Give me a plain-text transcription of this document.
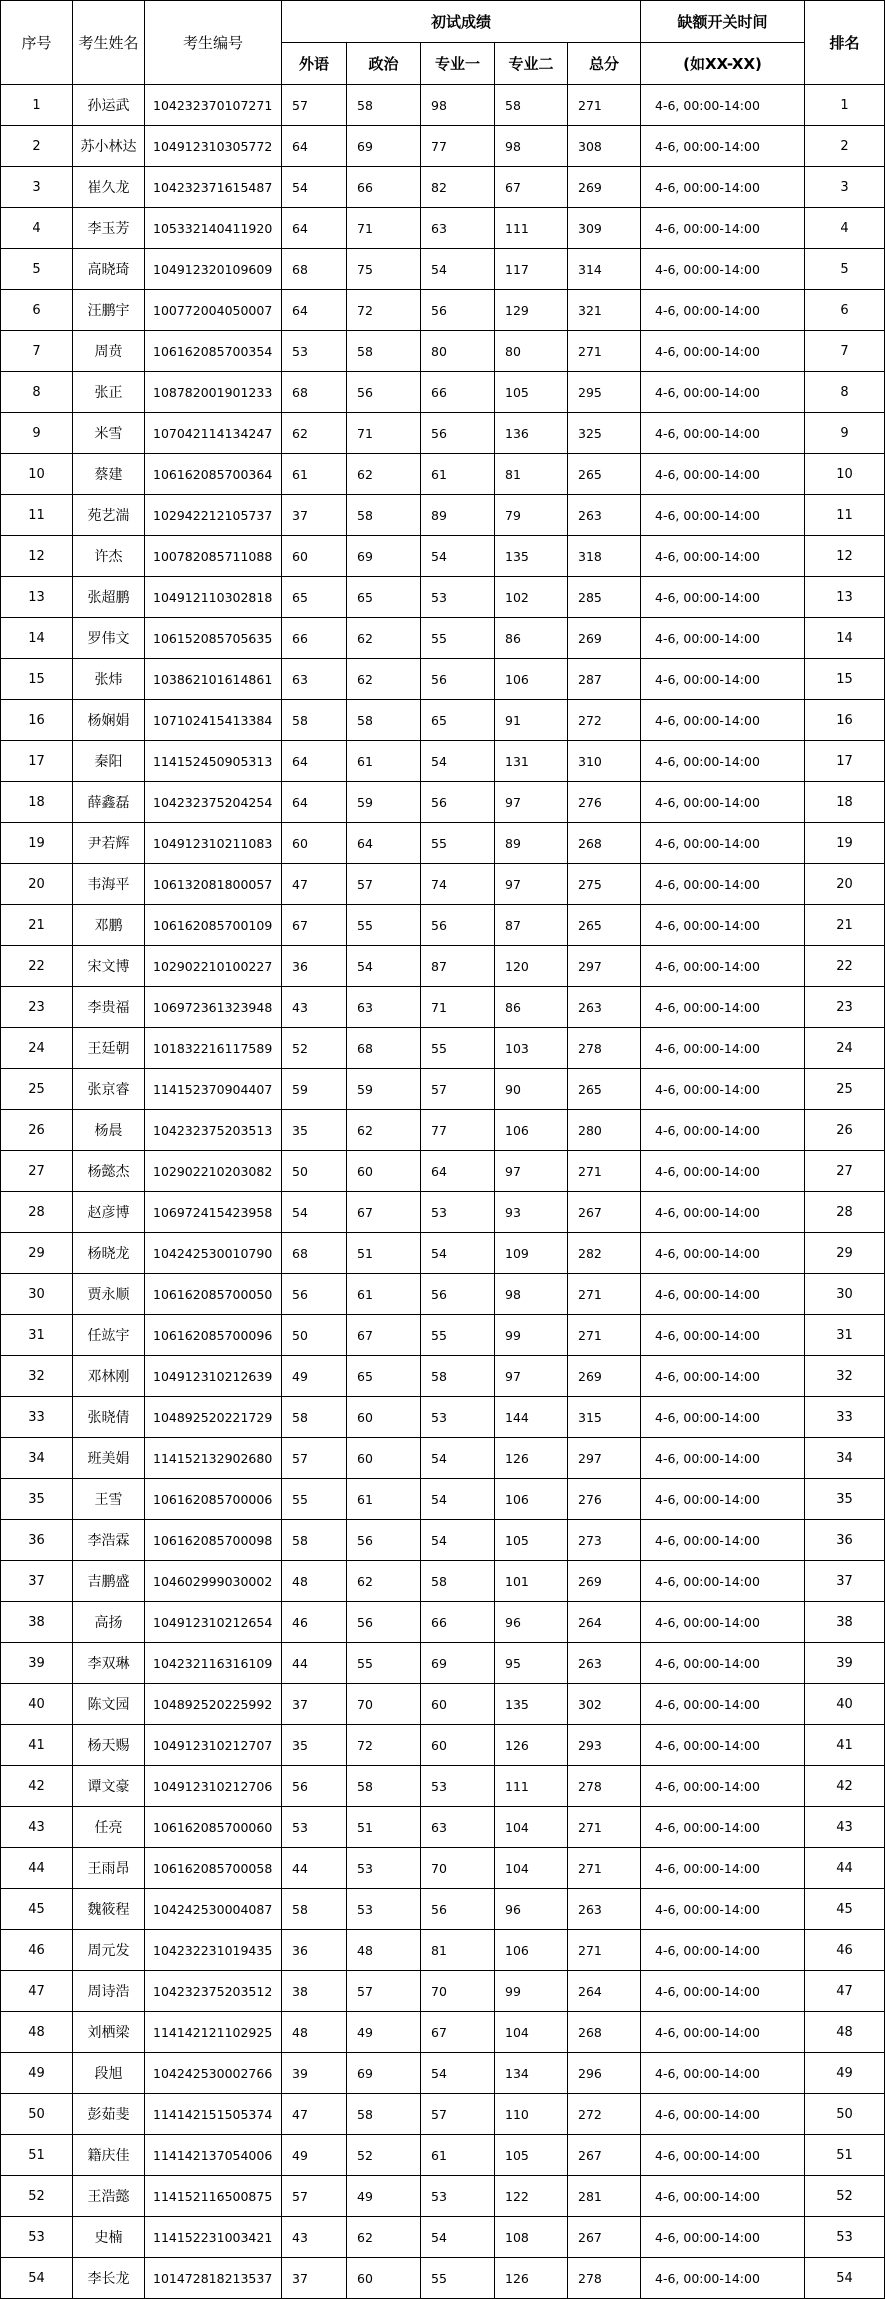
序号	考生姓名	考生编号	初试成绩					缺额开关时间	排名
			外语	政治	专业一	专业二	总分	(如XX-XX)	
1	孙运武	104232370107271	57	58	98	58	271	4-6, 00:00-14:00	1
2	苏小林达	104912310305772	64	69	77	98	308	4-6, 00:00-14:00	2
3	崔久龙	104232371615487	54	66	82	67	269	4-6, 00:00-14:00	3
4	李玉芳	105332140411920	64	71	63	111	309	4-6, 00:00-14:00	4
5	高晓琦	104912320109609	68	75	54	117	314	4-6, 00:00-14:00	5
6	汪鹏宇	100772004050007	64	72	56	129	321	4-6, 00:00-14:00	6
7	周贲	106162085700354	53	58	80	80	271	4-6, 00:00-14:00	7
8	张正	108782001901233	68	56	66	105	295	4-6, 00:00-14:00	8
9	米雪	107042114134247	62	71	56	136	325	4-6, 00:00-14:00	9
10	蔡建	106162085700364	61	62	61	81	265	4-6, 00:00-14:00	10
11	苑艺湍	102942212105737	37	58	89	79	263	4-6, 00:00-14:00	11
12	许杰	100782085711088	60	69	54	135	318	4-6, 00:00-14:00	12
13	张超鹏	104912110302818	65	65	53	102	285	4-6, 00:00-14:00	13
14	罗伟文	106152085705635	66	62	55	86	269	4-6, 00:00-14:00	14
15	张炜	103862101614861	63	62	56	106	287	4-6, 00:00-14:00	15
16	杨娴娟	107102415413384	58	58	65	91	272	4-6, 00:00-14:00	16
17	秦阳	114152450905313	64	61	54	131	310	4-6, 00:00-14:00	17
18	薛鑫磊	104232375204254	64	59	56	97	276	4-6, 00:00-14:00	18
19	尹若辉	104912310211083	60	64	55	89	268	4-6, 00:00-14:00	19
20	韦海平	106132081800057	47	57	74	97	275	4-6, 00:00-14:00	20
21	邓鹏	106162085700109	67	55	56	87	265	4-6, 00:00-14:00	21
22	宋文博	102902210100227	36	54	87	120	297	4-6, 00:00-14:00	22
23	李贵福	106972361323948	43	63	71	86	263	4-6, 00:00-14:00	23
24	王廷朝	101832216117589	52	68	55	103	278	4-6, 00:00-14:00	24
25	张京睿	114152370904407	59	59	57	90	265	4-6, 00:00-14:00	25
26	杨晨	104232375203513	35	62	77	106	280	4-6, 00:00-14:00	26
27	杨懿杰	102902210203082	50	60	64	97	271	4-6, 00:00-14:00	27
28	赵彦博	106972415423958	54	67	53	93	267	4-6, 00:00-14:00	28
29	杨晓龙	104242530010790	68	51	54	109	282	4-6, 00:00-14:00	29
30	贾永顺	106162085700050	56	61	56	98	271	4-6, 00:00-14:00	30
31	任竑宇	106162085700096	50	67	55	99	271	4-6, 00:00-14:00	31
32	邓林刚	104912310212639	49	65	58	97	269	4-6, 00:00-14:00	32
33	张晓倩	104892520221729	58	60	53	144	315	4-6, 00:00-14:00	33
34	班美娟	114152132902680	57	60	54	126	297	4-6, 00:00-14:00	34
35	王雪	106162085700006	55	61	54	106	276	4-6, 00:00-14:00	35
36	李浩霖	106162085700098	58	56	54	105	273	4-6, 00:00-14:00	36
37	吉鹏盛	104602999030002	48	62	58	101	269	4-6, 00:00-14:00	37
38	高扬	104912310212654	46	56	66	96	264	4-6, 00:00-14:00	38
39	李双琳	104232116316109	44	55	69	95	263	4-6, 00:00-14:00	39
40	陈文园	104892520225992	37	70	60	135	302	4-6, 00:00-14:00	40
41	杨天赐	104912310212707	35	72	60	126	293	4-6, 00:00-14:00	41
42	谭文豪	104912310212706	56	58	53	111	278	4-6, 00:00-14:00	42
43	任亮	106162085700060	53	51	63	104	271	4-6, 00:00-14:00	43
44	王雨昂	106162085700058	44	53	70	104	271	4-6, 00:00-14:00	44
45	魏筱程	104242530004087	58	53	56	96	263	4-6, 00:00-14:00	45
46	周元发	104232231019435	36	48	81	106	271	4-6, 00:00-14:00	46
47	周诗浩	104232375203512	38	57	70	99	264	4-6, 00:00-14:00	47
48	刘栖梁	114142121102925	48	49	67	104	268	4-6, 00:00-14:00	48
49	段旭	104242530002766	39	69	54	134	296	4-6, 00:00-14:00	49
50	彭茹斐	114142151505374	47	58	57	110	272	4-6, 00:00-14:00	50
51	籍庆佳	114142137054006	49	52	61	105	267	4-6, 00:00-14:00	51
52	王浩懿	114152116500875	57	49	53	122	281	4-6, 00:00-14:00	52
53	史楠	114152231003421	43	62	54	108	267	4-6, 00:00-14:00	53
54	李长龙	101472818213537	37	60	55	126	278	4-6, 00:00-14:00	54
